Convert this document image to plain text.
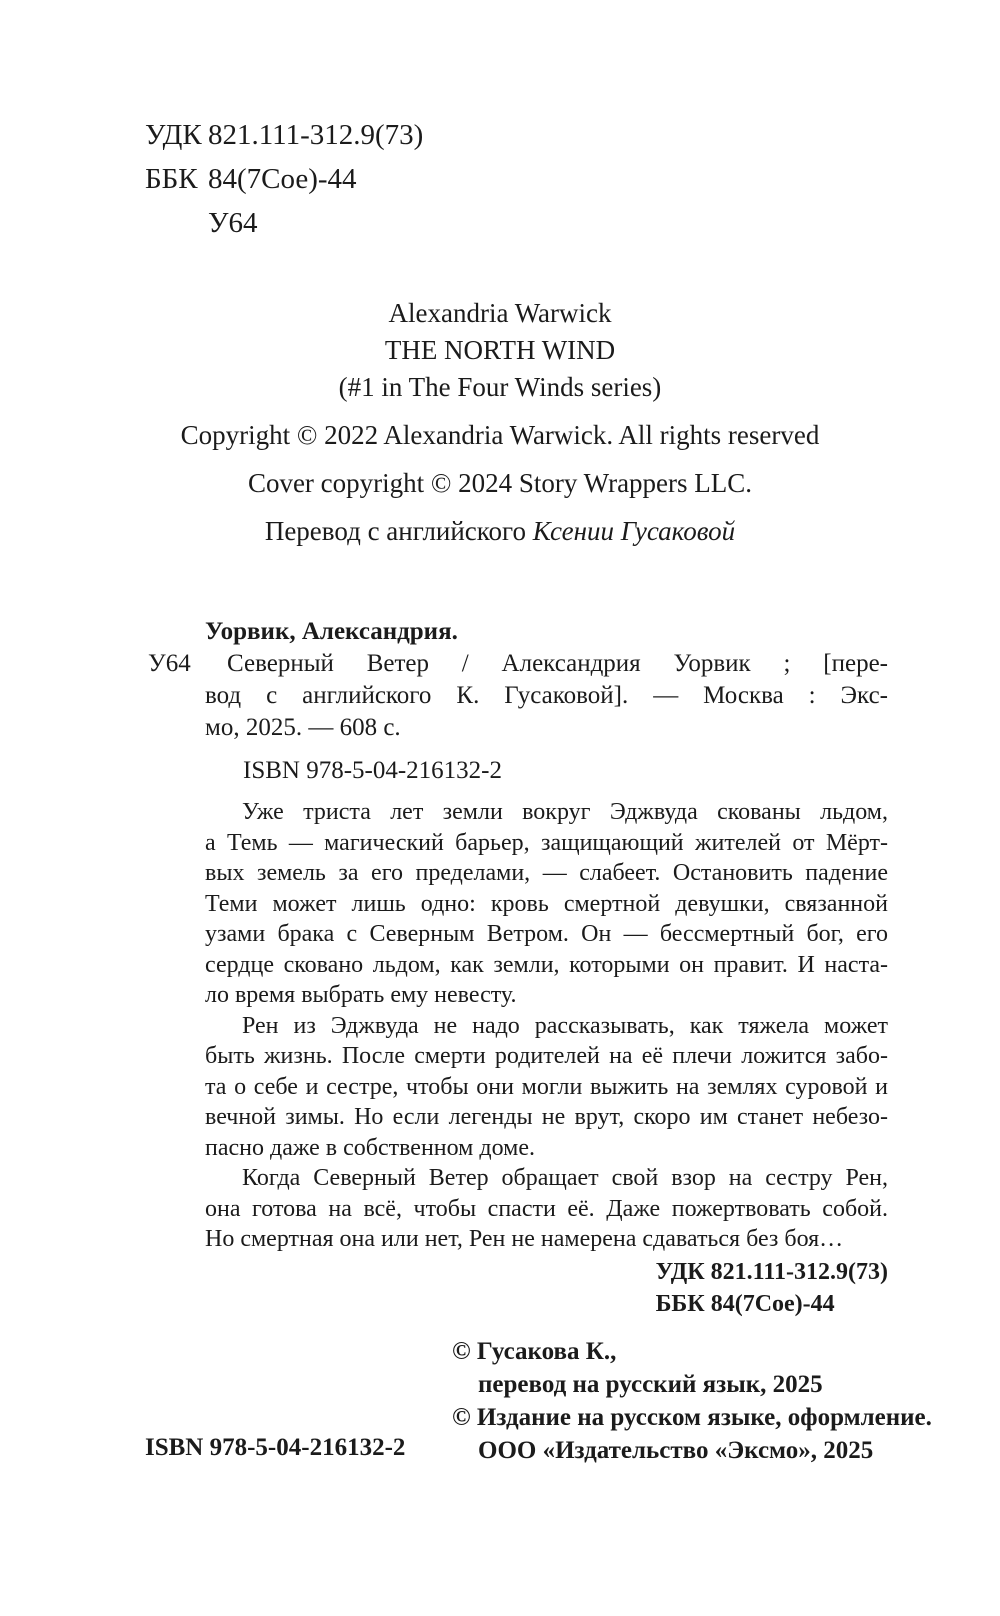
УДК 821.111-312.9(73)
ББК 84(7Сое)-44
У64
Alexandria Warwick
THE NORTH WIND
(#1 in The Four Winds series)
Copyright © 2022 Alexandria Warwick. All rights reserved
Cover copyright © 2024 Story Wrappers LLC.
Перевод с английского Ксении Гусаковой
У64
Уорвик, Александрия.
Северный Ветер / Александрия Уорвик ; [пере-
вод с английского К. Гусаковой]. — Москва : Экс-
мо, 2025. — 608 с.
ISBN 978-5-04-216132-2
Уже триста лет земли вокруг Эджвуда скованы льдом,
а Темь — магический барьер, защищающий жителей от Мёрт-
вых земель за его пределами, — слабеет. Остановить падение
Теми может лишь одно: кровь смертной девушки, связанной
узами брака с Северным Ветром. Он — бессмертный бог, его
сердце сковано льдом, как земли, которыми он правит. И наста-
ло время выбрать ему невесту.
Рен из Эджвуда не надо рассказывать, как тяжела может
быть жизнь. После смерти родителей на её плечи ложится забо-
та о себе и сестре, чтобы они могли выжить на землях суровой и
вечной зимы. Но если легенды не врут, скоро им станет небезо-
пасно даже в собственном доме.
Когда Северный Ветер обращает свой взор на сестру Рен,
она готова на всё, чтобы спасти её. Даже пожертвовать собой.
Но смертная она или нет, Рен не намерена сдаваться без боя…
УДК 821.111-312.9(73)
ББК 84(7Сое)-44
© Гусакова К.,
перевод на русский язык, 2025
© Издание на русском языке, оформление.
ООО «Издательство «Эксмо», 2025
ISBN 978-5-04-216132-2
